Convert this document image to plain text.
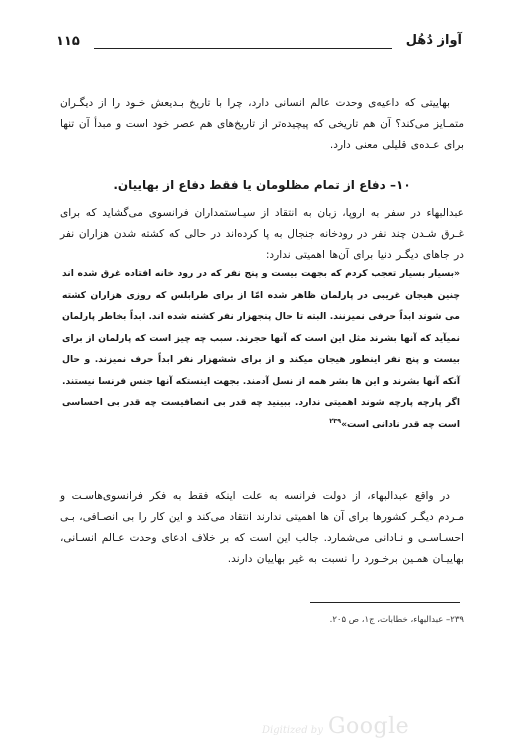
۱۱۵	آواز دُهُل

بهاییتی که داعیه‌ی وحدت عالم انسانی دارد، چرا با تاریخ بـدیعش خـود را از دیگـران متمـایز می‌کند؟ آن هم تاریخی که پیچیده‌تر از تاریخ‌های هم عصر خود است و مبدأ آن تنها برای عـده‌ی قلیلی معنی دارد.

۱۰– دفاع از تمام مظلومان یا فقط دفاع از بهاییان.

عبدالبهاء در سفر به اروپا، زبان به انتقاد از سیـاستمداران فرانسوی می‌گشاید که برای غـرق شـدن چند نفر در رودخانه جنجال به پا کرده‌اند در حالی که کشته شدن هزاران نفر در جاهای دیگـر دنیا برای آن‌ها اهمیتی ندارد:

«بسیار بسیار تعجب کردم که بجهت بیست و پنج نفر که در رود خانه افتاده غرق شده اند چنین هیجان غریبی در پارلمان ظاهر شده امّا از برای طرابلس که روزی هزاران کشته می شوند ابداً حرفی نمیزنند. البته تا حال پنجهزار نفر کشته شده اند. ابداً بخاطر پارلمان نمیآید که آنها بشرند مثل این است که آنها حجرند. سبب چه چیز است که پارلمان از برای بیست و پنج نفر اینطور هیجان میکند و از برای ششهزار نفر ابداً حرف نمیزند. و حال آنکه آنها بشرند و این ها بشر همه از نسل آدمند. بجهت اینستکه آنها جنس فرنسا نیستند. اگر پارچه پارچه شوند اهمیتی ندارد. ببینید چه قدر بی انصافیست چه قدر بی احساسی است چه قدر نادانی است»$^{۲۳۹}$

در واقع عبدالبهاء، از دولت فرانسه به علت اینکه فقط به فکر فرانسوی‌هاسـت و مـردم دیگـر کشورها برای آن ها اهمیتی ندارند انتقاد می‌کند و این کار را بی انصـافی، بـی احسـاسـی و نـادانی می‌شمارد. جالب این است که بر خلاف ادعای وحدت عـالم انسـانی، بهاییـان همـین برخـورد را نسبت به غیر بهاییان دارند.

۲۳۹– عبدالبهاء، خطابات، ج۱، ص ۲۰۵.

Digitized by Google
